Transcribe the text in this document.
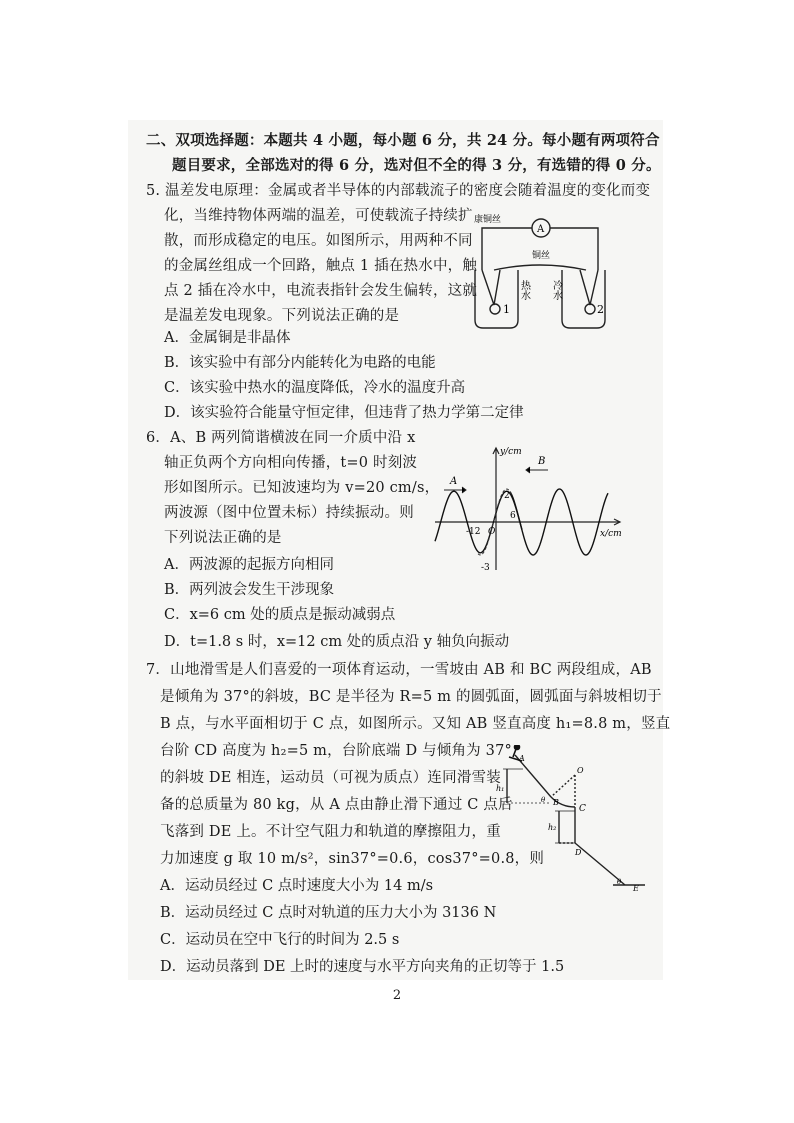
二、双项选择题：本题共 4 小题，每小题 6 分，共 24 分。每小题有两项符合
题目要求，全部选对的得 6 分，选对但不全的得 3 分，有选错的得 0 分。
5. 温差发电原理：金属或者半导体的内部载流子的密度会随着温度的变化而变
化，当维持物体两端的温差，可使载流子持续扩
散，而形成稳定的电压。如图所示，用两种不同
的金属丝组成一个回路，触点 1 插在热水中，触
点 2 插在冷水中，电流表指针会发生偏转，这就
是温差发电现象。下列说法正确的是
A．金属铜是非晶体
B．该实验中有部分内能转化为电路的电能
C．该实验中热水的温度降低，冷水的温度升高
D．该实验符合能量守恒定律，但违背了热力学第二定律
A
康铜丝
铜丝
1	2
热水 冷水
6．A、B 两列简谐横波在同一介质中沿 x
轴正负两个方向相向传播，t=0 时刻波
形如图所示。已知波速均为 v=20 cm/s，
两波源（图中位置未标）持续振动。则
下列说法正确的是
A．两波源的起振方向相同
B．两列波会发生干涉现象
C．x=6 cm 处的质点是振动减弱点
D．t=1.8 s 时，x=12 cm 处的质点沿 y 轴负向振动
A
B
y/cm
x/cm
2
-3
6
-12 O
7．山地滑雪是人们喜爱的一项体育运动，一雪坡由 AB 和 BC 两段组成，AB
是倾角为 37°的斜坡，BC 是半径为 R=5 m 的圆弧面，圆弧面与斜坡相切于
B 点，与水平面相切于 C 点，如图所示。又知 AB 竖直高度 h₁=8.8 m，竖直
台阶 CD 高度为 h₂=5 m，台阶底端 D 与倾角为 37°
的斜坡 DE 相连，运动员（可视为质点）连同滑雪装
备的总质量为 80 kg，从 A 点由静止滑下通过 C 点后
飞落到 DE 上。不计空气阻力和轨道的摩擦阻力，重
力加速度 g 取 10 m/s²，sin37°=0.6，cos37°=0.8，则
A．运动员经过 C 点时速度大小为 14 m/s
B．运动员经过 C 点时对轨道的压力大小为 3136 N
C．运动员在空中飞行的时间为 2.5 s
D．运动员落到 DE 上时的速度与水平方向夹角的正切等于 1.5
A
B
C
D
E
O
h₁
h₂
θ
θ
2
